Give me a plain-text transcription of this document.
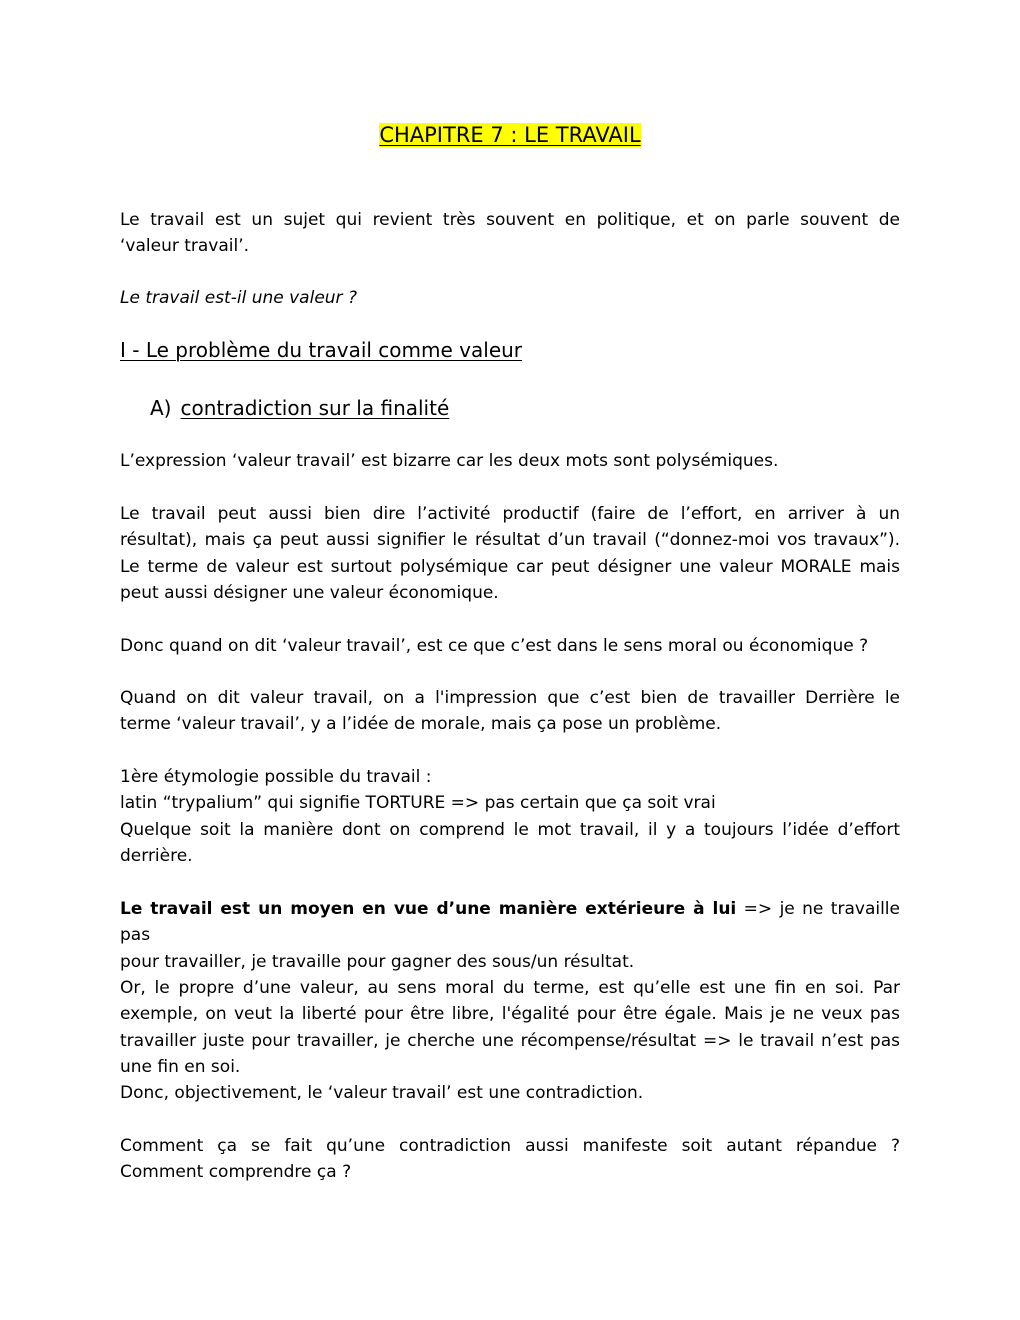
CHAPITRE 7 : LE TRAVAIL
Le travail est un sujet qui revient très souvent en politique, et on parle souvent de
‘valeur travail’.
Le travail est-il une valeur ?
I - Le problème du travail comme valeur
A) contradiction sur la finalité
L’expression ‘valeur travail’ est bizarre car les deux mots sont polysémiques.
Le travail peut aussi bien dire l’activité productif (faire de l’effort, en arriver à un
résultat), mais ça peut aussi signifier le résultat d’un travail (“donnez-moi vos travaux”).
Le terme de valeur est surtout polysémique car peut désigner une valeur MORALE mais
peut aussi désigner une valeur économique.
Donc quand on dit ‘valeur travail’, est ce que c’est dans le sens moral ou économique ?
Quand on dit valeur travail, on a l'impression que c’est bien de travailler Derrière le
terme ‘valeur travail’, y a l’idée de morale, mais ça pose un problème.
1ère étymologie possible du travail :
latin “trypalium” qui signifie TORTURE => pas certain que ça soit vrai
Quelque soit la manière dont on comprend le mot travail, il y a toujours l’idée d’effort
derrière.
Le travail est un moyen en vue d’une manière extérieure à lui => je ne travaille pas
pour travailler, je travaille pour gagner des sous/un résultat.
Or, le propre d’une valeur, au sens moral du terme, est qu’elle est une fin en soi. Par
exemple, on veut la liberté pour être libre, l'égalité pour être égale. Mais je ne veux pas
travailler juste pour travailler, je cherche une récompense/résultat => le travail n’est pas
une fin en soi.
Donc, objectivement, le ‘valeur travail’ est une contradiction.
Comment ça se fait qu’une contradiction aussi manifeste soit autant répandue ?
Comment comprendre ça ?
